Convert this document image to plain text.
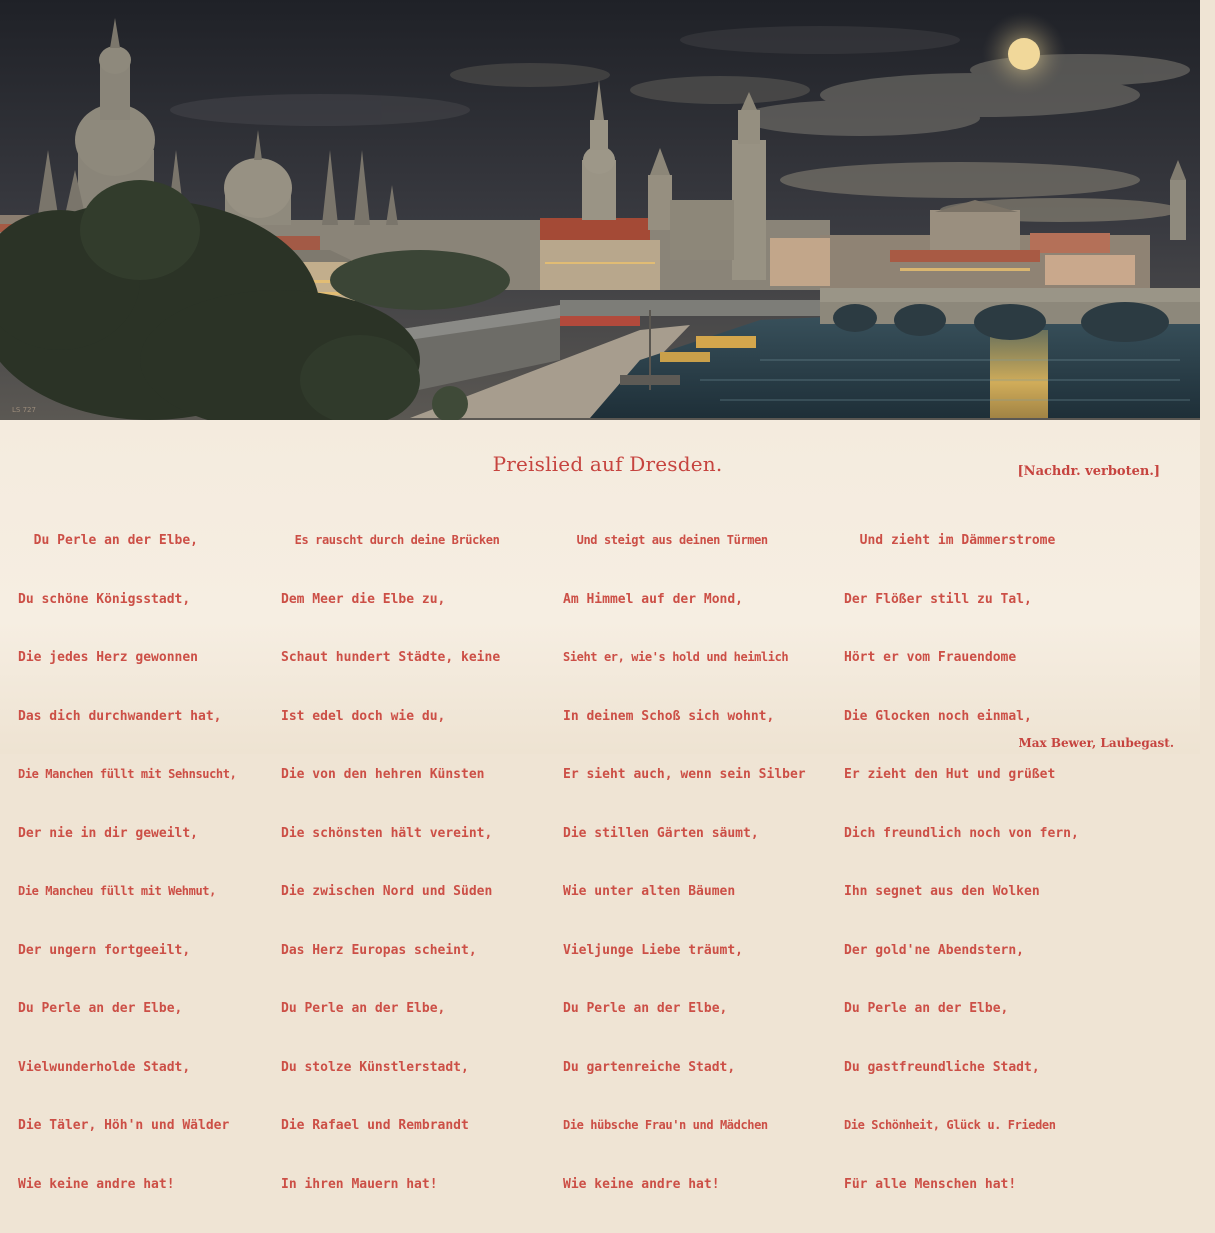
LS 727
Preislied auf Dresden.	[Nachdr. verboten.]

Du Perle an der Elbe,

Du schöne Königsstadt,

Die jedes Herz gewonnen

Das dich durchwandert hat,

Die Manchen füllt mit Sehnsucht,

Der nie in dir geweilt,

Die Mancheu füllt mit Wehmut,

Der ungern fortgeeilt,

Du Perle an der Elbe,

Vielwunderholde Stadt,

Die Täler, Höh'n und Wälder

Wie keine andre hat!

Es rauscht durch deine Brücken

Dem Meer die Elbe zu,

Schaut hundert Städte, keine

Ist edel doch wie du,

Die von den hehren Künsten

Die schönsten hält vereint,

Die zwischen Nord und Süden

Das Herz Europas scheint,

Du Perle an der Elbe,

Du stolze Künstlerstadt,

Die Rafael und Rembrandt

In ihren Mauern hat!

Und steigt aus deinen Türmen

Am Himmel auf der Mond,

Sieht er, wie's hold und heimlich

In deinem Schoß sich wohnt,

Er sieht auch, wenn sein Silber

Die stillen Gärten säumt,

Wie unter alten Bäumen

Vieljunge Liebe träumt,

Du Perle an der Elbe,

Du gartenreiche Stadt,

Die hübsche Frau'n und Mädchen

Wie keine andre hat!

Und zieht im Dämmerstrome

Der Flößer still zu Tal,

Hört er vom Frauendome

Die Glocken noch einmal,

Er zieht den Hut und grüßet

Dich freundlich noch von fern,

Ihn segnet aus den Wolken

Der gold'ne Abendstern,

Du Perle an der Elbe,

Du gastfreundliche Stadt,

Die Schönheit, Glück u. Frieden

Für alle Menschen hat!

Max Bewer, Laubegast.
